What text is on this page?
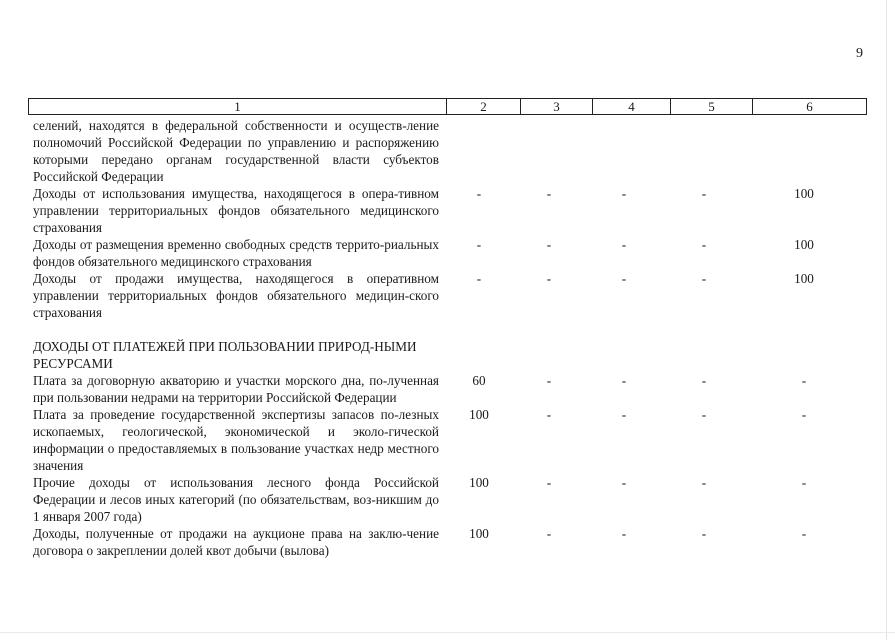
9
1	2	3	4	5	6
селений, находятся в федеральной собственности и осуществ-ление полномочий Российской Федерации по управлению и распоряжению которыми передано органам государственной власти субъектов Российской Федерации
Доходы от использования имущества, находящегося в опера-тивном управлении территориальных фондов обязательного медицинского страхования
-	-	-	-	100
Доходы от размещения временно свободных средств террито-риальных фондов обязательного медицинского страхования
-	-	-	-	100
Доходы от продажи имущества, находящегося в оперативном управлении территориальных фондов обязательного медицин-ского страхования
-	-	-	-	100
ДОХОДЫ ОТ ПЛАТЕЖЕЙ ПРИ ПОЛЬЗОВАНИИ ПРИРОД-НЫМИ РЕСУРСАМИ
Плата за договорную акваторию и участки морского дна, по-лученная при пользовании недрами на территории Российской Федерации
60	-	-	-	-
Плата за проведение государственной экспертизы запасов по-лезных ископаемых, геологической, экономической и эколо-гической информации о предоставляемых в пользование участках недр местного значения
100	-	-	-	-
Прочие доходы от использования лесного фонда Российской Федерации и лесов иных категорий (по обязательствам, воз-никшим до 1 января 2007 года)
100	-	-	-	-
Доходы, полученные от продажи на аукционе права на заклю-чение договора о закреплении долей квот добычи (вылова)
100	-	-	-	-
